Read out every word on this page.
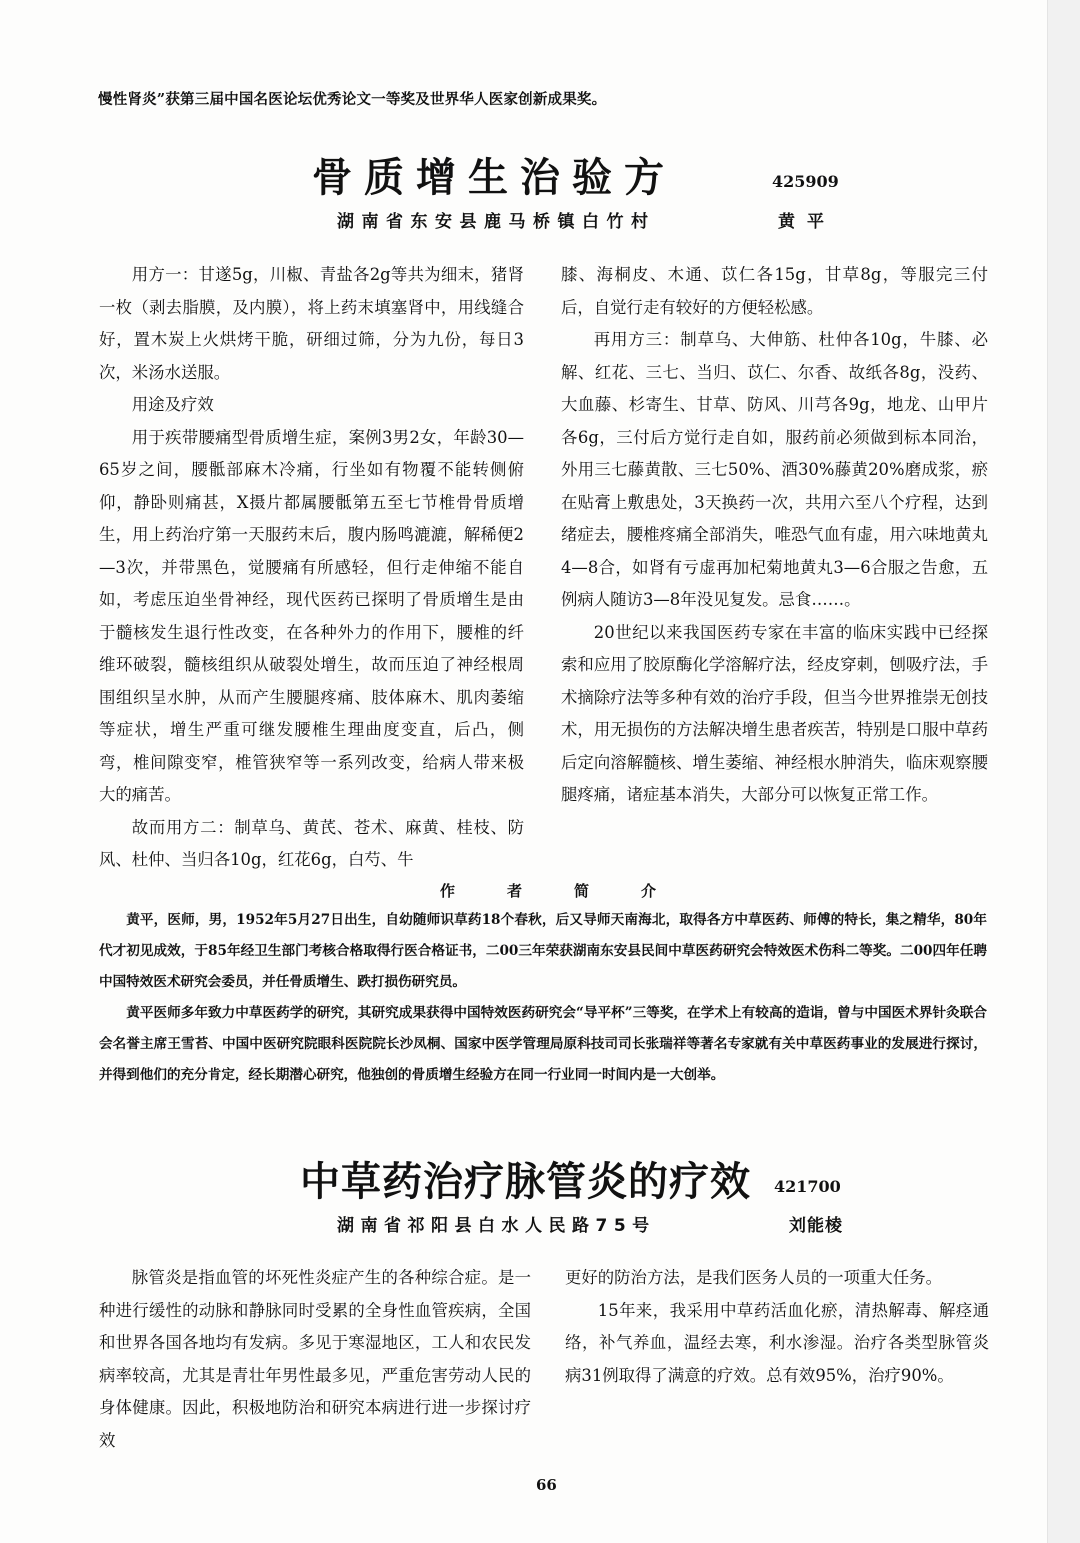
慢性肾炎”获第三届中国名医论坛优秀论文一等奖及世界华人医家创新成果奖。
骨质增生治验方	425909
湖南省东安县鹿马桥镇白竹村	黄平

用方一：甘遂5g，川椒、青盐各2g等共为细末，猪肾一枚（剥去脂膜，及内膜），将上药末填塞肾中，用线缝合好，置木炭上火烘烤干脆，研细过筛，分为九份，每日3次，米汤水送服。

用途及疗效

用于疾带腰痛型骨质增生症，案例3男2女，年龄30—65岁之间，腰骶部麻木冷痛，行坐如有物覆不能转侧俯仰，静卧则痛甚，X摄片都属腰骶第五至七节椎骨骨质增生，用上药治疗第一天服药末后，腹内肠鸣漉漉，解稀便2—3次，并带黑色，觉腰痛有所感轻，但行走伸缩不能自如，考虑压迫坐骨神经，现代医药已探明了骨质增生是由于髓核发生退行性改变，在各种外力的作用下，腰椎的纤维环破裂，髓核组织从破裂处增生，故而压迫了神经根周围组织呈水肿，从而产生腰腿疼痛、肢体麻木、肌肉萎缩等症状，增生严重可继发腰椎生理曲度变直，后凸，侧弯，椎间隙变窄，椎管狭窄等一系列改变，给病人带来极大的痛苦。

故而用方二：制草乌、黄芪、苍术、麻黄、桂枝、防风、杜仲、当归各10g，红花6g，白芍、牛

膝、海桐皮、木通、苡仁各15g，甘草8g，等服完三付后，自觉行走有较好的方便轻松感。

再用方三：制草乌、大伸筋、杜仲各10g，牛膝、必解、红花、三七、当归、苡仁、尔香、故纸各8g，没药、大血藤、杉寄生、甘草、防风、川芎各9g，地龙、山甲片各6g，三付后方觉行走自如，服药前必须做到标本同治，外用三七藤黄散、三七50%、酒30%藤黄20%磨成浆，瘀在贴膏上敷患处，3天换药一次，共用六至八个疗程，达到绪症去，腰椎疼痛全部消失，唯恐气血有虚，用六味地黄丸4—8合，如肾有亏虚再加杞菊地黄丸3—6合服之告愈，五例病人随访3—8年没见复发。忌食……。

20世纪以来我国医药专家在丰富的临床实践中已经探索和应用了胶原酶化学溶解疗法，经皮穿刺，刨吸疗法，手术摘除疗法等多种有效的治疗手段，但当今世界推崇无创技术，用无损伤的方法解决增生患者疾苦，特别是口服中草药后定向溶解髓核、增生萎缩、神经根水肿消失，临床观察腰腿疼痛，诸症基本消失，大部分可以恢复正常工作。

作者简介

黄平，医师，男，1952年5月27日出生，自幼随师识草药18个春秋，后又导师天南海北，取得各方中草医药、师傅的特长，集之精华，80年代才初见成效，于85年经卫生部门考核合格取得行医合格证书，二00三年荣获湖南东安县民间中草医药研究会特效医术伤科二等奖。二00四年任聘中国特效医术研究会委员，并任骨质增生、跌打损伤研究员。

黄平医师多年致力中草医药学的研究，其研究成果获得中国特效医药研究会“导平杯”三等奖，在学术上有较高的造诣，曾与中国医术界针灸联合会名誉主席王雪苔、中国中医研究院眼科医院院长沙凤桐、国家中医学管理局原科技司司长张瑞祥等著名专家就有关中草医药事业的发展进行探讨，并得到他们的充分肯定，经长期潜心研究，他独创的骨质增生经验方在同一行业同一时间内是一大创举。

中草药治疗脉管炎的疗效 421700
湖南省祁阳县白水人民路75号	刘能棱

脉管炎是指血管的坏死性炎症产生的各种综合症。是一种进行缓性的动脉和静脉同时受累的全身性血管疾病，全国和世界各国各地均有发病。多见于寒湿地区，工人和农民发病率较高，尤其是青壮年男性最多见，严重危害劳动人民的身体健康。因此，积极地防治和研究本病进行进一步探讨疗效

更好的防治方法，是我们医务人员的一项重大任务。

15年来，我采用中草药活血化瘀，清热解毒、解痉通络，补气养血，温经去寒，利水渗湿。治疗各类型脉管炎病31例取得了满意的疗效。总有效95%，治疗90%。

66
